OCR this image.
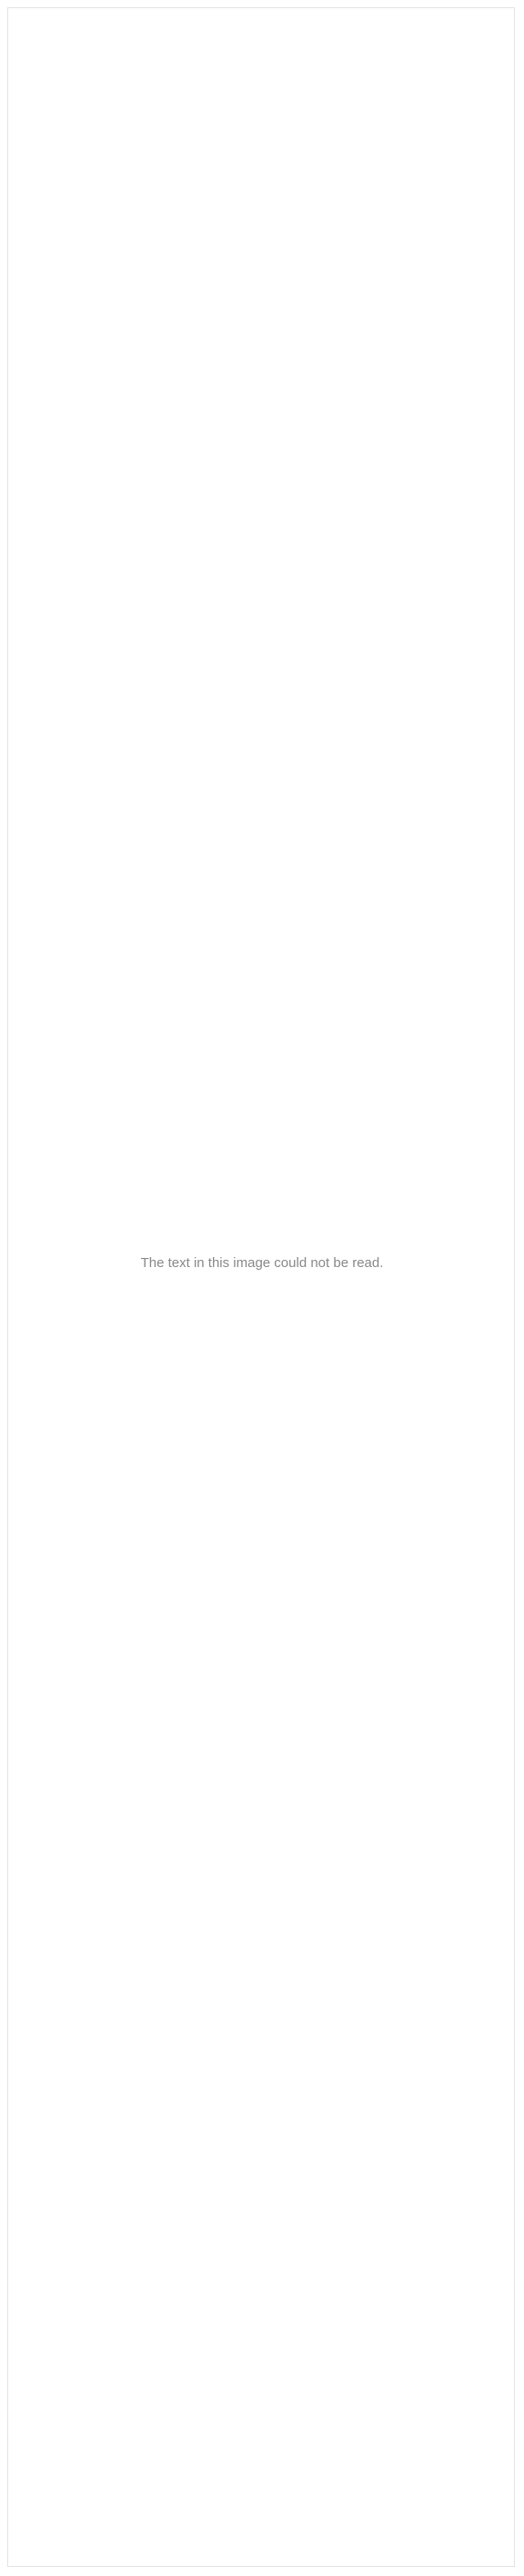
The text in this image could not be read.
